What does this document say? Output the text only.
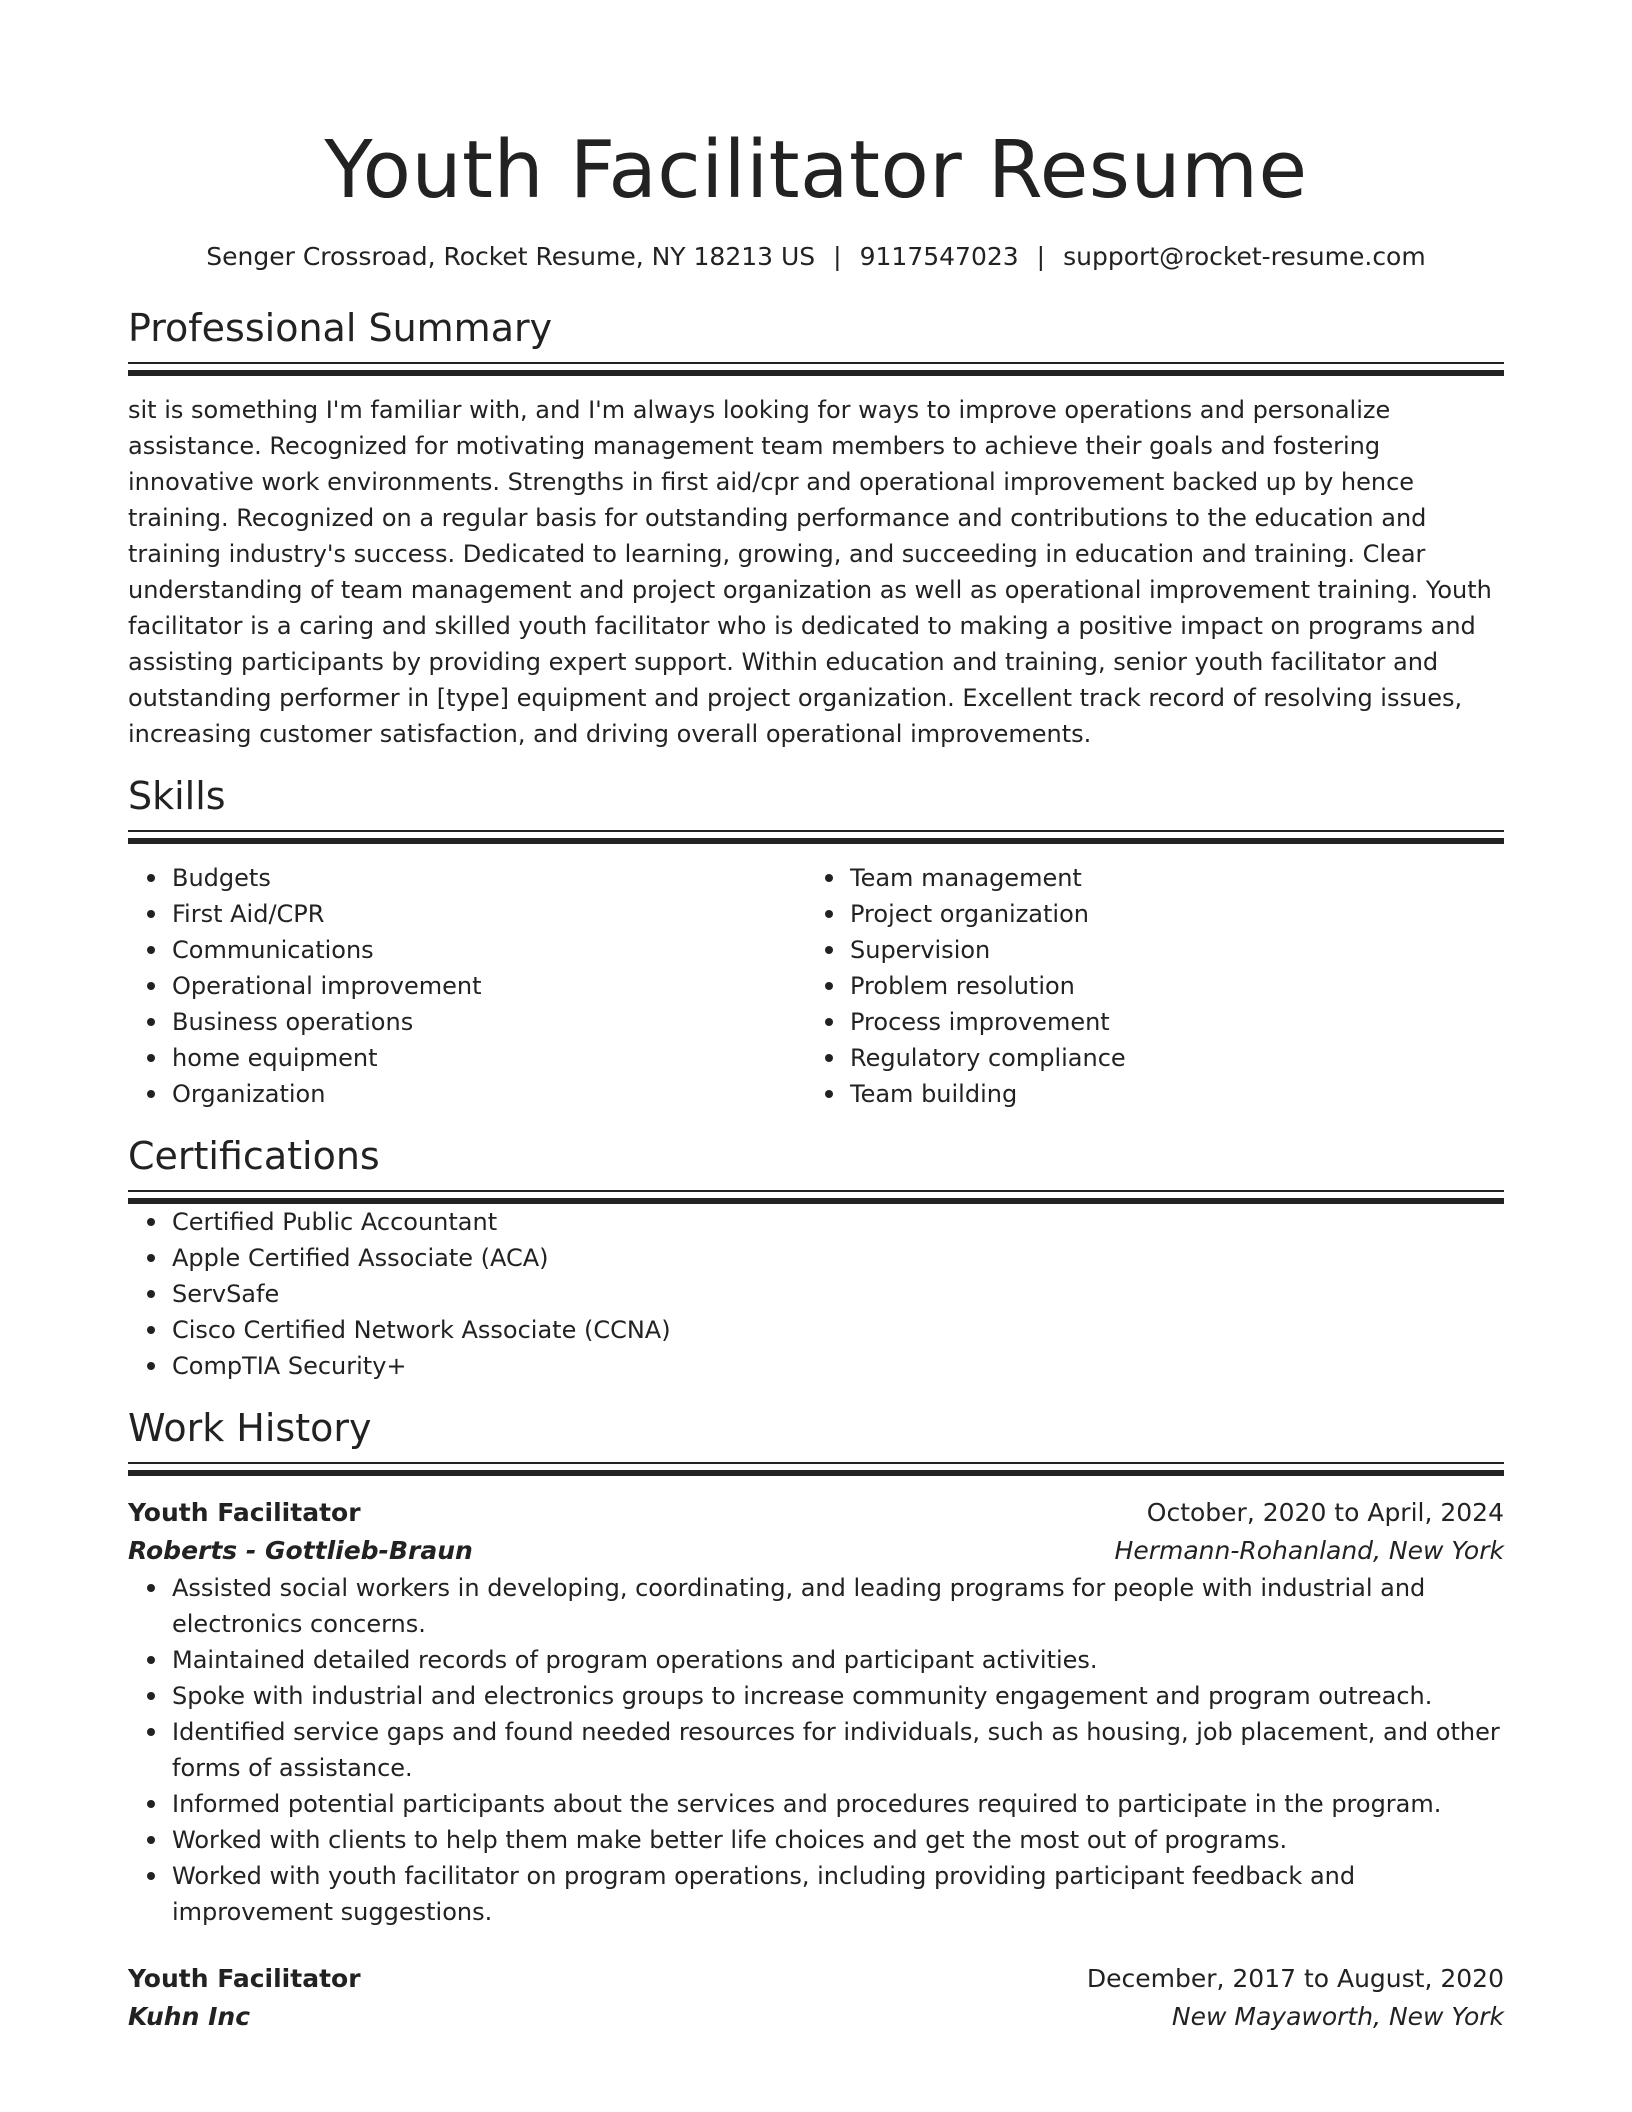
Youth Facilitator Resume
Senger Crossroad, Rocket Resume, NY 18213 US | 9117547023 | support@rocket-resume.com
Professional Summary
sit is something I'm familiar with, and I'm always looking for ways to improve operations and personalize assistance. Recognized for motivating management team members to achieve their goals and fostering innovative work environments. Strengths in first aid/cpr and operational improvement backed up by hence training. Recognized on a regular basis for outstanding performance and contributions to the education and training industry's success. Dedicated to learning, growing, and succeeding in education and training. Clear understanding of team management and project organization as well as operational improvement training. Youth facilitator is a caring and skilled youth facilitator who is dedicated to making a positive impact on programs and assisting participants by providing expert support. Within education and training, senior youth facilitator and outstanding performer in [type] equipment and project organization. Excellent track record of resolving issues, increasing customer satisfaction, and driving overall operational improvements.
Skills
Budgets
First Aid/CPR
Communications
Operational improvement
Business operations
home equipment
Organization
Team management
Project organization
Supervision
Problem resolution
Process improvement
Regulatory compliance
Team building
Certifications
Certified Public Accountant
Apple Certified Associate (ACA)
ServSafe
Cisco Certified Network Associate (CCNA)
CompTIA Security+
Work History
Youth Facilitator	October, 2020 to April, 2024
Roberts - Gottlieb-Braun	Hermann-Rohanland, New York
Assisted social workers in developing, coordinating, and leading programs for people with industrial and electronics concerns.
Maintained detailed records of program operations and participant activities.
Spoke with industrial and electronics groups to increase community engagement and program outreach.
Identified service gaps and found needed resources for individuals, such as housing, job placement, and other forms of assistance.
Informed potential participants about the services and procedures required to participate in the program.
Worked with clients to help them make better life choices and get the most out of programs.
Worked with youth facilitator on program operations, including providing participant feedback and improvement suggestions.
Youth Facilitator	December, 2017 to August, 2020
Kuhn Inc	New Mayaworth, New York
